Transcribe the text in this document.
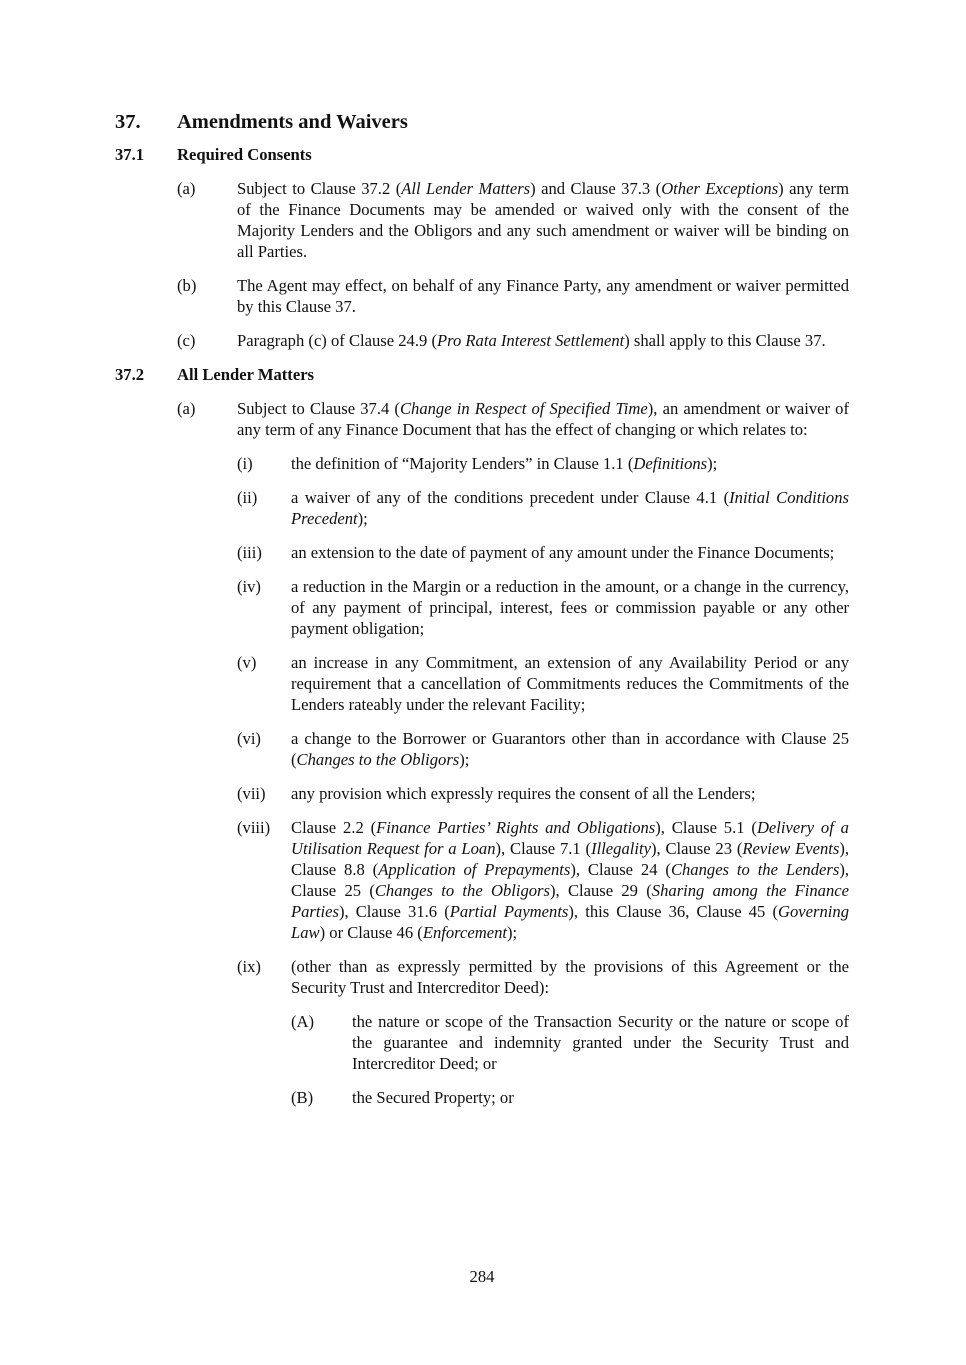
37.	Amendments and Waivers
37.1	Required Consents
(a)	Subject to Clause 37.2 (All Lender Matters) and Clause 37.3 (Other Exceptions) any term of the Finance Documents may be amended or waived only with the consent of the Majority Lenders and the Obligors and any such amendment or waiver will be binding on all Parties.
(b)	The Agent may effect, on behalf of any Finance Party, any amendment or waiver permitted by this Clause 37.
(c)	Paragraph (c) of Clause 24.9 (Pro Rata Interest Settlement) shall apply to this Clause 37.
37.2	All Lender Matters
(a)	Subject to Clause 37.4 (Change in Respect of Specified Time), an amendment or waiver of any term of any Finance Document that has the effect of changing or which relates to:
(i)	the definition of “Majority Lenders” in Clause 1.1 (Definitions);
(ii)	a waiver of any of the conditions precedent under Clause 4.1 (Initial Conditions Precedent);
(iii)	an extension to the date of payment of any amount under the Finance Documents;
(iv)	a reduction in the Margin or a reduction in the amount, or a change in the currency, of any payment of principal, interest, fees or commission payable or any other payment obligation;
(v)	an increase in any Commitment, an extension of any Availability Period or any requirement that a cancellation of Commitments reduces the Commitments of the Lenders rateably under the relevant Facility;
(vi)	a change to the Borrower or Guarantors other than in accordance with Clause 25 (Changes to the Obligors);
(vii)	any provision which expressly requires the consent of all the Lenders;
(viii)	Clause 2.2 (Finance Parties’ Rights and Obligations), Clause 5.1 (Delivery of a Utilisation Request for a Loan), Clause 7.1 (Illegality), Clause 23 (Review Events), Clause 8.8 (Application of Prepayments), Clause 24 (Changes to the Lenders), Clause 25 (Changes to the Obligors), Clause 29 (Sharing among the Finance Parties), Clause 31.6 (Partial Payments), this Clause 36, Clause 45 (Governing Law) or Clause 46 (Enforcement);
(ix)	(other than as expressly permitted by the provisions of this Agreement or the Security Trust and Intercreditor Deed):
(A)	the nature or scope of the Transaction Security or the nature or scope of the guarantee and indemnity granted under the Security Trust and Intercreditor Deed; or
(B)	the Secured Property; or
284
